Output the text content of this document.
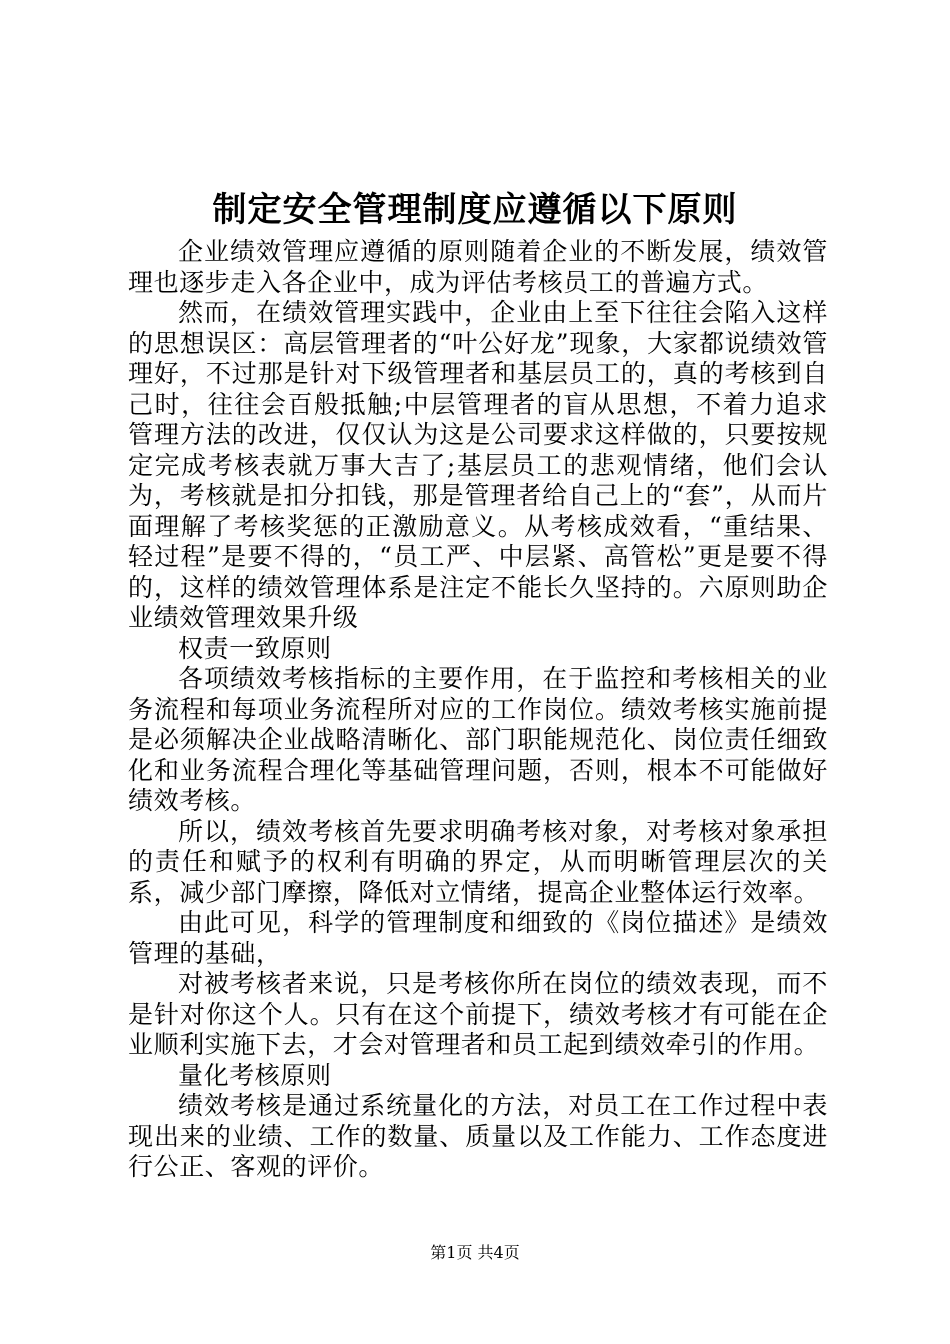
制定安全管理制度应遵循以下原则

企业绩效管理应遵循的原则随着企业的不断发展，绩效管理也逐步走入各企业中，成为评估考核员工的普遍方式。

然而，在绩效管理实践中，企业由上至下往往会陷入这样的思想误区：高层管理者的“叶公好龙”现象，大家都说绩效管理好，不过那是针对下级管理者和基层员工的，真的考核到自己时，往往会百般抵触;中层管理者的盲从思想，不着力追求管理方法的改进，仅仅认为这是公司要求这样做的，只要按规定完成考核表就万事大吉了;基层员工的悲观情绪，他们会认为，考核就是扣分扣钱，那是管理者给自己上的“套”，从而片面理解了考核奖惩的正激励意义。从考核成效看，“重结果、轻过程”是要不得的，“员工严、中层紧、高管松”更是要不得的，这样的绩效管理体系是注定不能长久坚持的。六原则助企业绩效管理效果升级

权责一致原则

各项绩效考核指标的主要作用，在于监控和考核相关的业务流程和每项业务流程所对应的工作岗位。绩效考核实施前提是必须解决企业战略清晰化、部门职能规范化、岗位责任细致化和业务流程合理化等基础管理问题，否则，根本不可能做好绩效考核。

所以，绩效考核首先要求明确考核对象，对考核对象承担的责任和赋予的权利有明确的界定，从而明晰管理层次的关系，减少部门摩擦，降低对立情绪，提高企业整体运行效率。

由此可见，科学的管理制度和细致的《岗位描述》是绩效管理的基础，

对被考核者来说，只是考核你所在岗位的绩效表现，而不是针对你这个人。只有在这个前提下，绩效考核才有可能在企业顺利实施下去，才会对管理者和员工起到绩效牵引的作用。

量化考核原则

绩效考核是通过系统量化的方法，对员工在工作过程中表现出来的业绩、工作的数量、质量以及工作能力、工作态度进行公正、客观的评价。

第1页 共4页
